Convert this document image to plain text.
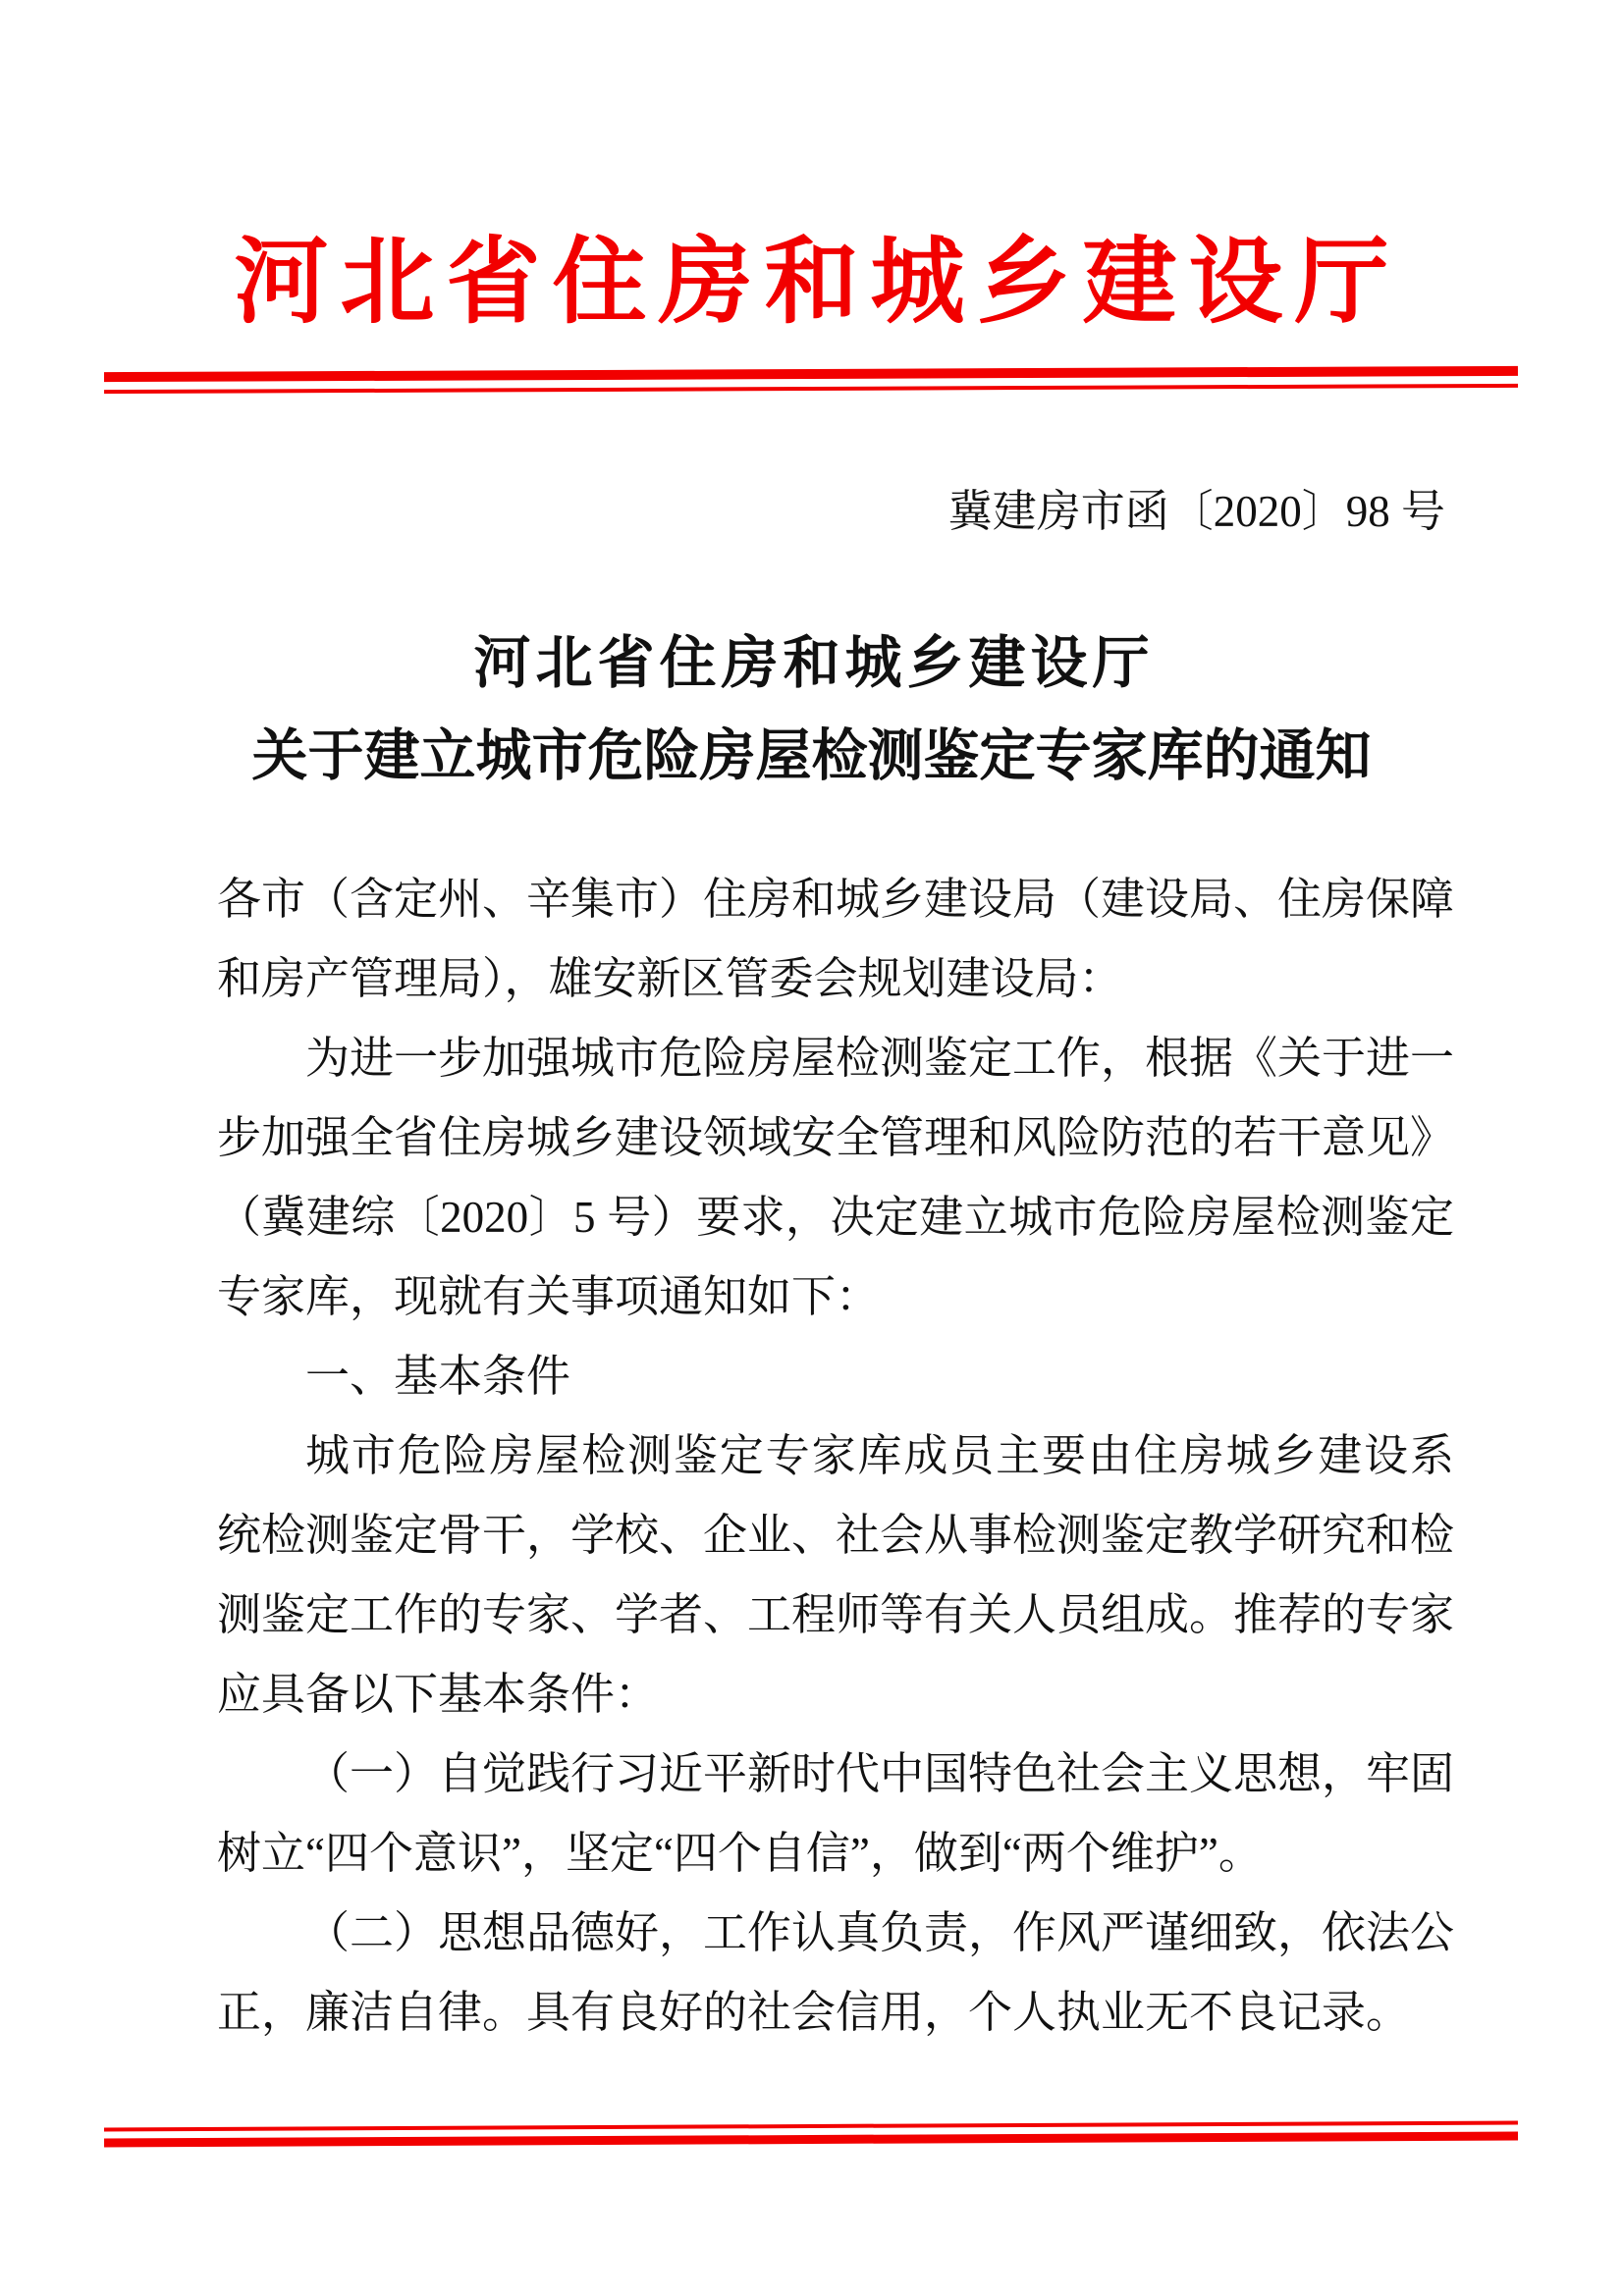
河北省住房和城乡建设厅
冀建房市函〔2020〕98 号
河北省住房和城乡建设厅
关于建立城市危险房屋检测鉴定专家库的通知
各市（含定州、辛集市）住房和城乡建设局（建设局、住房保障
和房产管理局），雄安新区管委会规划建设局：
为进一步加强城市危险房屋检测鉴定工作，根据《关于进一
步加强全省住房城乡建设领域安全管理和风险防范的若干意见》
（冀建综〔2020〕5 号）要求，决定建立城市危险房屋检测鉴定
专家库，现就有关事项通知如下：
一、基本条件
城市危险房屋检测鉴定专家库成员主要由住房城乡建设系
统检测鉴定骨干，学校、企业、社会从事检测鉴定教学研究和检
测鉴定工作的专家、学者、工程师等有关人员组成。推荐的专家
应具备以下基本条件：
（一）自觉践行习近平新时代中国特色社会主义思想，牢固
树立“四个意识”，坚定“四个自信”，做到“两个维护”。
（二）思想品德好，工作认真负责，作风严谨细致，依法公
正，廉洁自律。具有良好的社会信用，个人执业无不良记录。
